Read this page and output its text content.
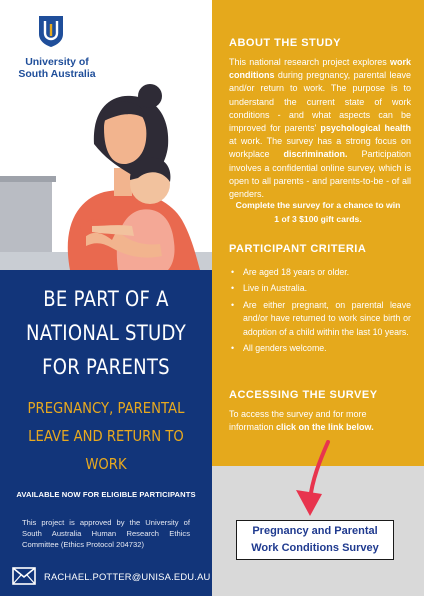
University of
South Australia
ABOUT THE STUDY
This national research project explores work conditions during pregnancy, parental leave and/or return to work. The purpose is to understand the current state of work conditions - and what aspects can be improved for parents' psychological health at work. The survey has a strong focus on workplace discrimination. Participation involves a confidential online survey, which is open to all parents - and parents-to-be - of all genders.
Complete the survey for a chance to win 1 of 3 $100 gift cards.
PARTICIPANT CRITERIA
• Are aged 18 years or older.
• Live in Australia.
• Are either pregnant, on parental leave and/or have returned to work since birth or adoption of a child within the last 10 years.
• All genders welcome.
ACCESSING THE SURVEY
To access the survey and for more information click on the link below.
BE PART OF A NATIONAL STUDY FOR PARENTS
PREGNANCY, PARENTAL LEAVE AND RETURN TO WORK
AVAILABLE NOW FOR ELIGIBLE PARTICIPANTS
This project is approved by the University of South Australia Human Research Ethics Committee (Ethics Protocol 204732)
RACHAEL.POTTER@UNISA.EDU.AU
Pregnancy and Parental Work Conditions Survey
